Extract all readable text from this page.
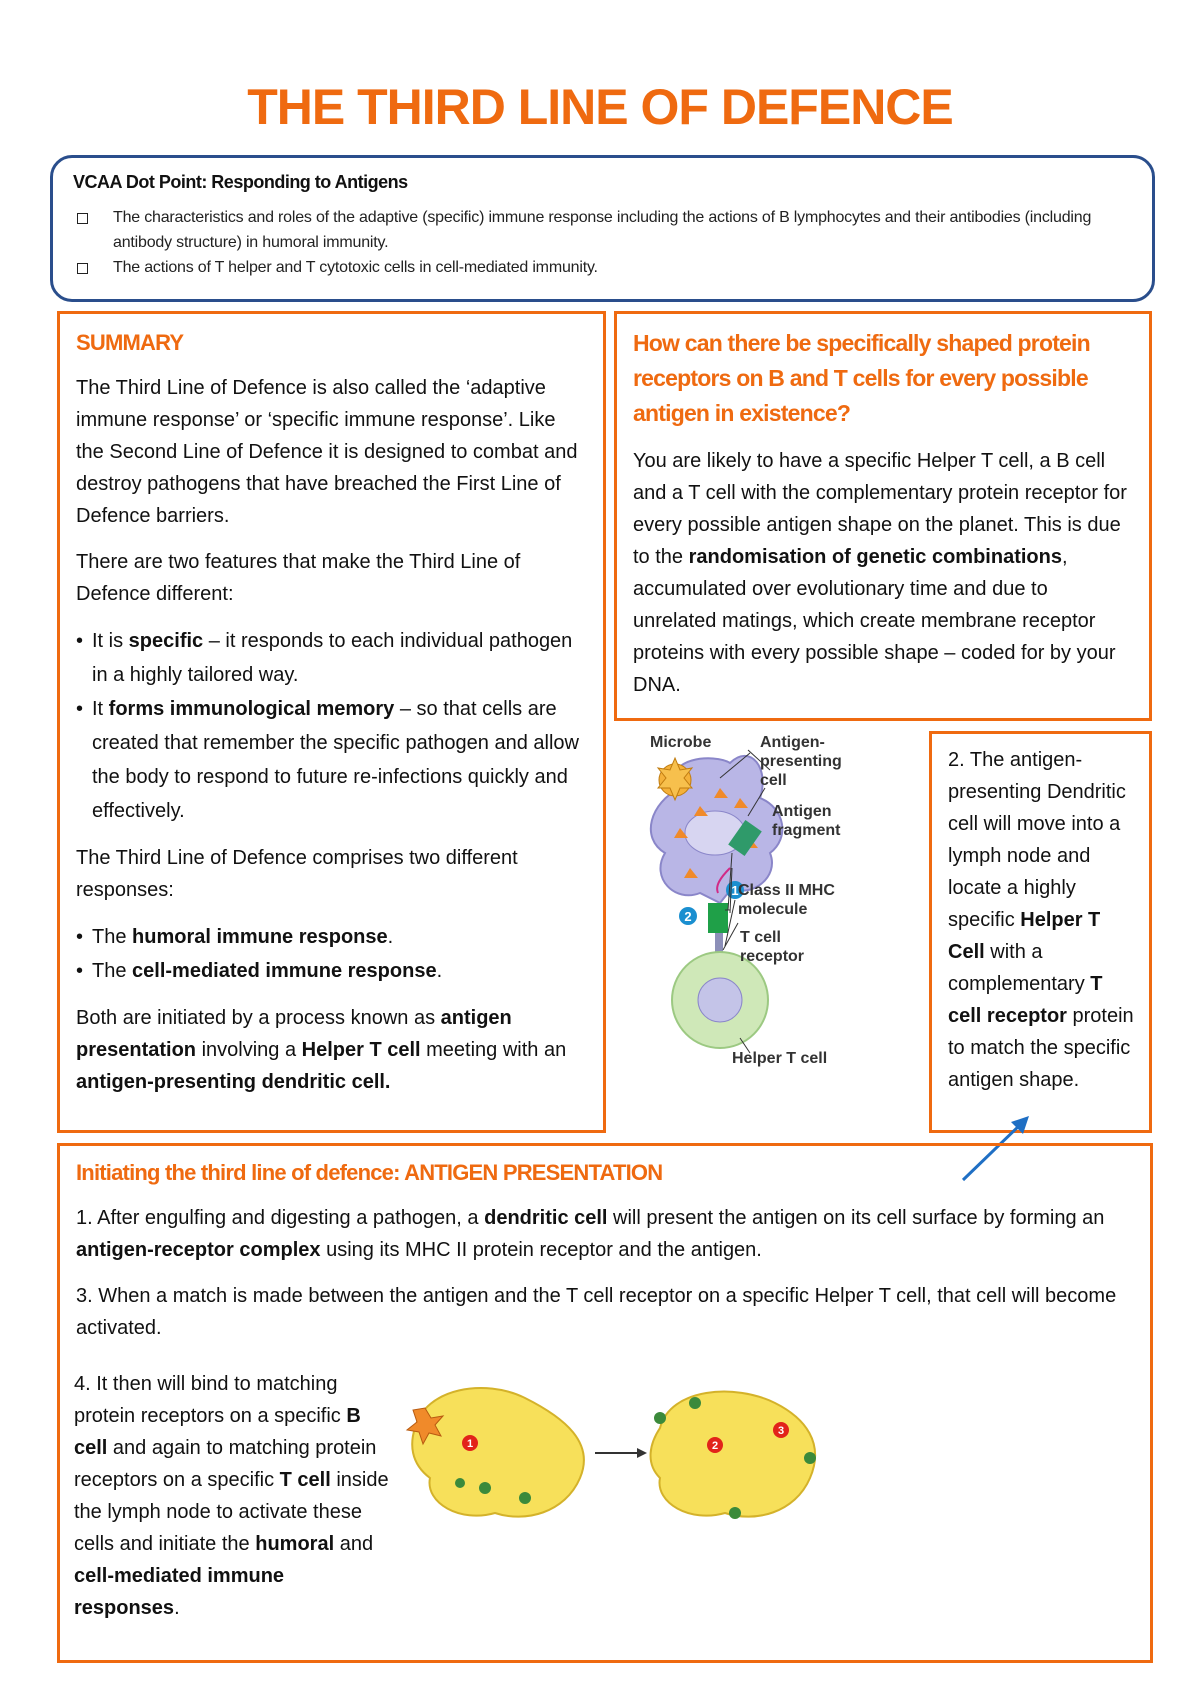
THE THIRD LINE OF DEFENCE
VCAA Dot Point: Responding to Antigens
The characteristics and roles of the adaptive (specific) immune response including the actions of B lymphocytes and their antibodies (including antibody structure) in humoral immunity.
The actions of T helper and T cytotoxic cells in cell-mediated immunity.
SUMMARY

The Third Line of Defence is also called the ‘adaptive immune response’ or ‘specific immune response’. Like the Second Line of Defence it is designed to combat and destroy pathogens that have breached the First Line of Defence barriers.

There are two features that make the Third Line of Defence different:

• It is specific – it responds to each individual pathogen in a highly tailored way.
• It forms immunological memory – so that cells are created that remember the specific pathogen and allow the body to respond to future re-infections quickly and effectively.

The Third Line of Defence comprises two different responses:

• The humoral immune response.
• The cell-mediated immune response.

Both are initiated by a process known as antigen presentation involving a Helper T cell meeting with an antigen-presenting dendritic cell.

How can there be specifically shaped protein receptors on B and T cells for every possible antigen in existence?

You are likely to have a specific Helper T cell, a B cell and a T cell with the complementary protein receptor for every possible antigen shape on the planet. This is due to the randomisation of genetic combinations, accumulated over evolutionary time and due to unrelated matings, which create membrane receptor proteins with every possible shape – coded for by your DNA.

1
2
Microbe	Antigen-
presenting
cell
Antigen
fragment
Class II MHC
molecule
T cell
receptor
Helper T cell

2. The antigen-presenting Dendritic cell will move into a lymph node and locate a highly specific Helper T Cell with a complementary T cell receptor protein to match the specific antigen shape.

Initiating the third line of defence: ANTIGEN PRESENTATION

1. After engulfing and digesting a pathogen, a dendritic cell will present the antigen on its cell surface by forming an antigen-receptor complex using its MHC II protein receptor and the antigen.

3. When a match is made between the antigen and the T cell receptor on a specific Helper T cell, that cell will become activated.

4. It then will bind to matching protein receptors on a specific B cell and again to matching protein receptors on a specific T cell inside the lymph node to activate these cells and initiate the humoral and cell-mediated immune responses.

1	2
3
